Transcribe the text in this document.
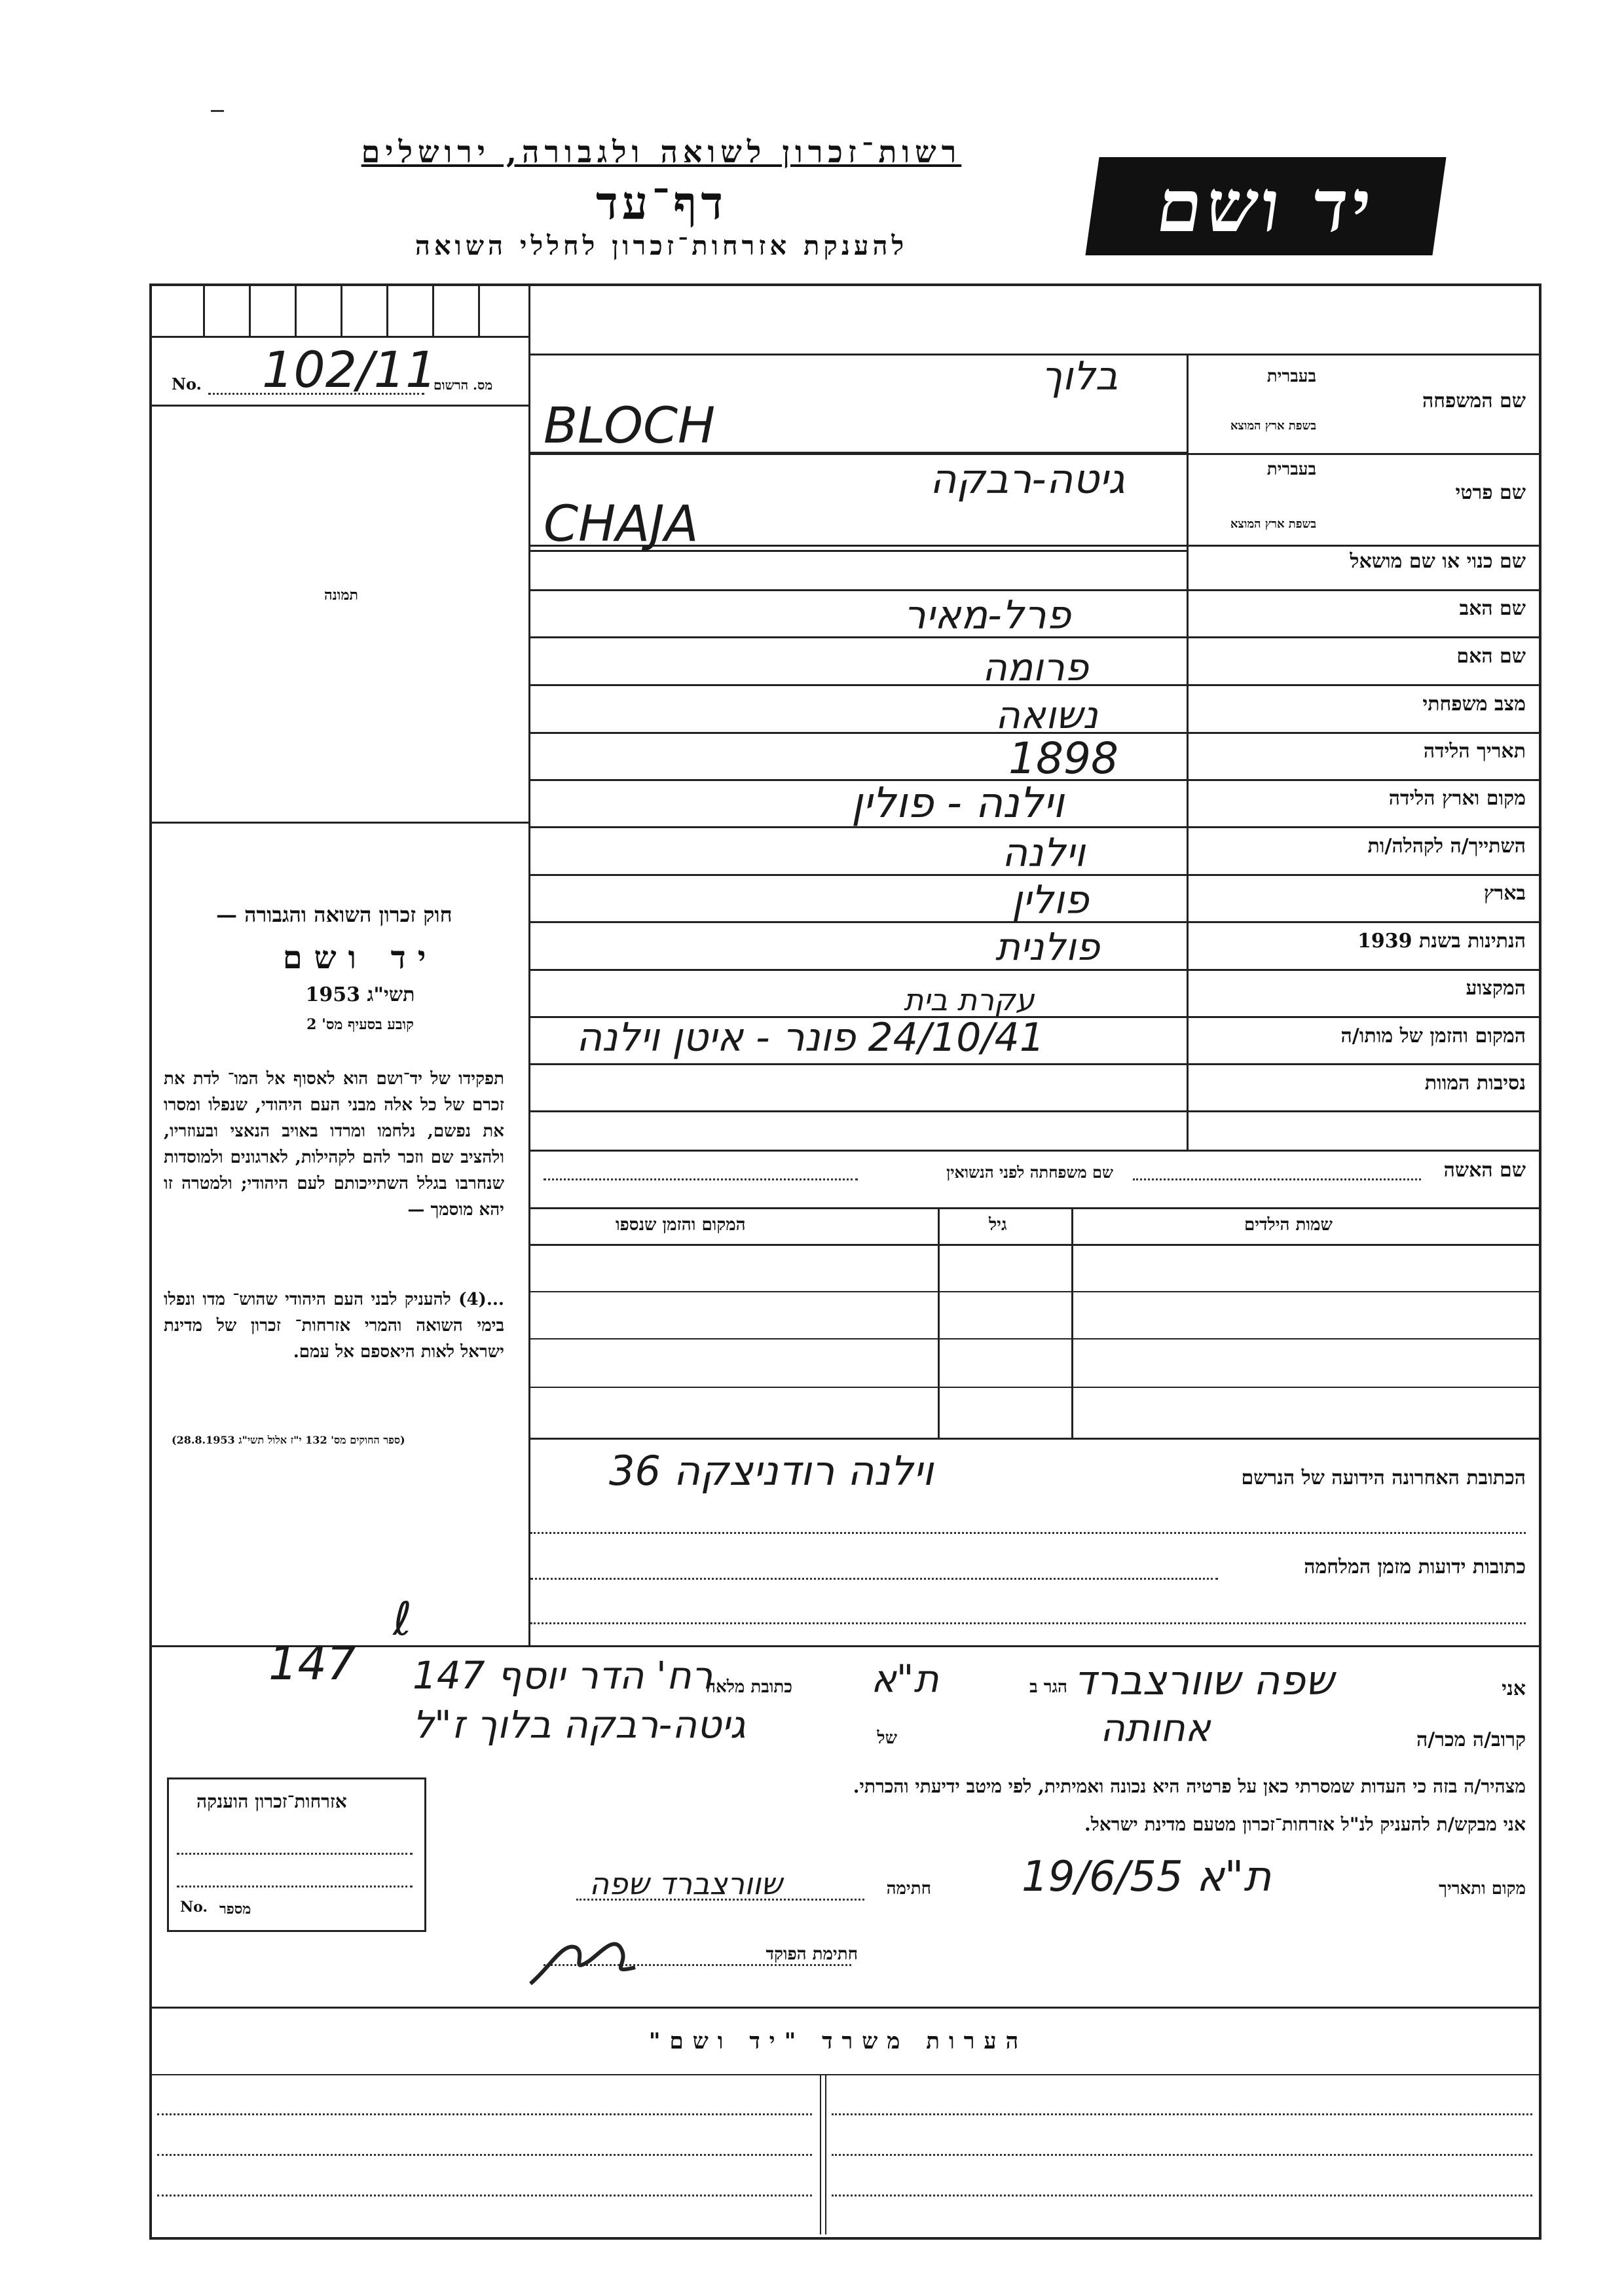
רשות־זכרון לשואה ולגבורה, ירושלים
דף־עד
להענקת אזרחות־זכרון לחללי השואה	יד ושם
No. 102/11
מס. הרשום
תמונה
חוק זכרון השואה והגבורה —
יד ושם
תשי"ג 1953
קובע בסעיף מס' 2
תפקידו של יד־ושם הוא לאסוף אל המו־ לדת את זכרם של כל אלה מבני העם היהודי, שנפלו ומסרו את נפשם, נלחמו ומרדו באויב הנאצי ובעוזריו, ולהציב שם וזכר להם לקהילות, לארגונים ולמוסדות שנחרבו בגלל השתייכותם לעם היהודי; ולמטרה זו יהא מוסמך —
...(4) להעניק לבני העם היהודי שהוש־ מדו ונפלו בימי השואה והמרי אזרחות־ זכרון של מדינת ישראל לאות היאספם אל עמם.
(ספר החוקים מס' 132 י"ז אלול תשי"ג 28.8.1953)
שם המשפחה
בעברית
בשפת ארץ המוצא
בלוך
BLOCH
שם פרטי
בעברית
בשפת ארץ המוצא
גיטה-רבקה
CHAJA
שם כנוי או שם מושאל
שם האב
שם האם
מצב משפחתי
תאריך הלידה
מקום וארץ הלידה
השתייך/ה לקהלה/ות
בארץ
הנתינות בשנת 1939
המקצוע
המקום והזמן של מותו/ה
נסיבות המוות
פרל-מאיר
פרומה
נשואה
1898
וילנה - פולין
וילנה
פולין
פולנית
עקרת בית
24/10/41 פונר - איטן וילנה
שם האשה
שם משפחתה לפני הנשואין
שמות הילדים
גיל
המקום והזמן שנספו
הכתובת האחרונה הידועה של הנרשם
וילנה רודניצקה 36
כתובות ידועות מזמן המלחמה
ℓ
147	אני
שפה שוורצברד
הגר ב
ת"א
כתובת מלאה
רח' הדר יוסף 147
קרוב/ה מכר/ה
אחותה
של
גיטה-רבקה בלוך ז"ל
מצהיר/ה בזה כי העדות שמסרתי כאן על פרטיה היא נכונה ואמיתית, לפי מיטב ידיעתי והכרתי.
אני מבקש/ת להעניק לנ"ל אזרחות־זכרון מטעם מדינת ישראל.
מקום ותאריך
ת"א 19/6/55
חתימה
שוורצברד שפה
חתימת הפוקד
אזרחות־זכרון הוענקה
No. מספר
הערות משרד "יד ושם"
